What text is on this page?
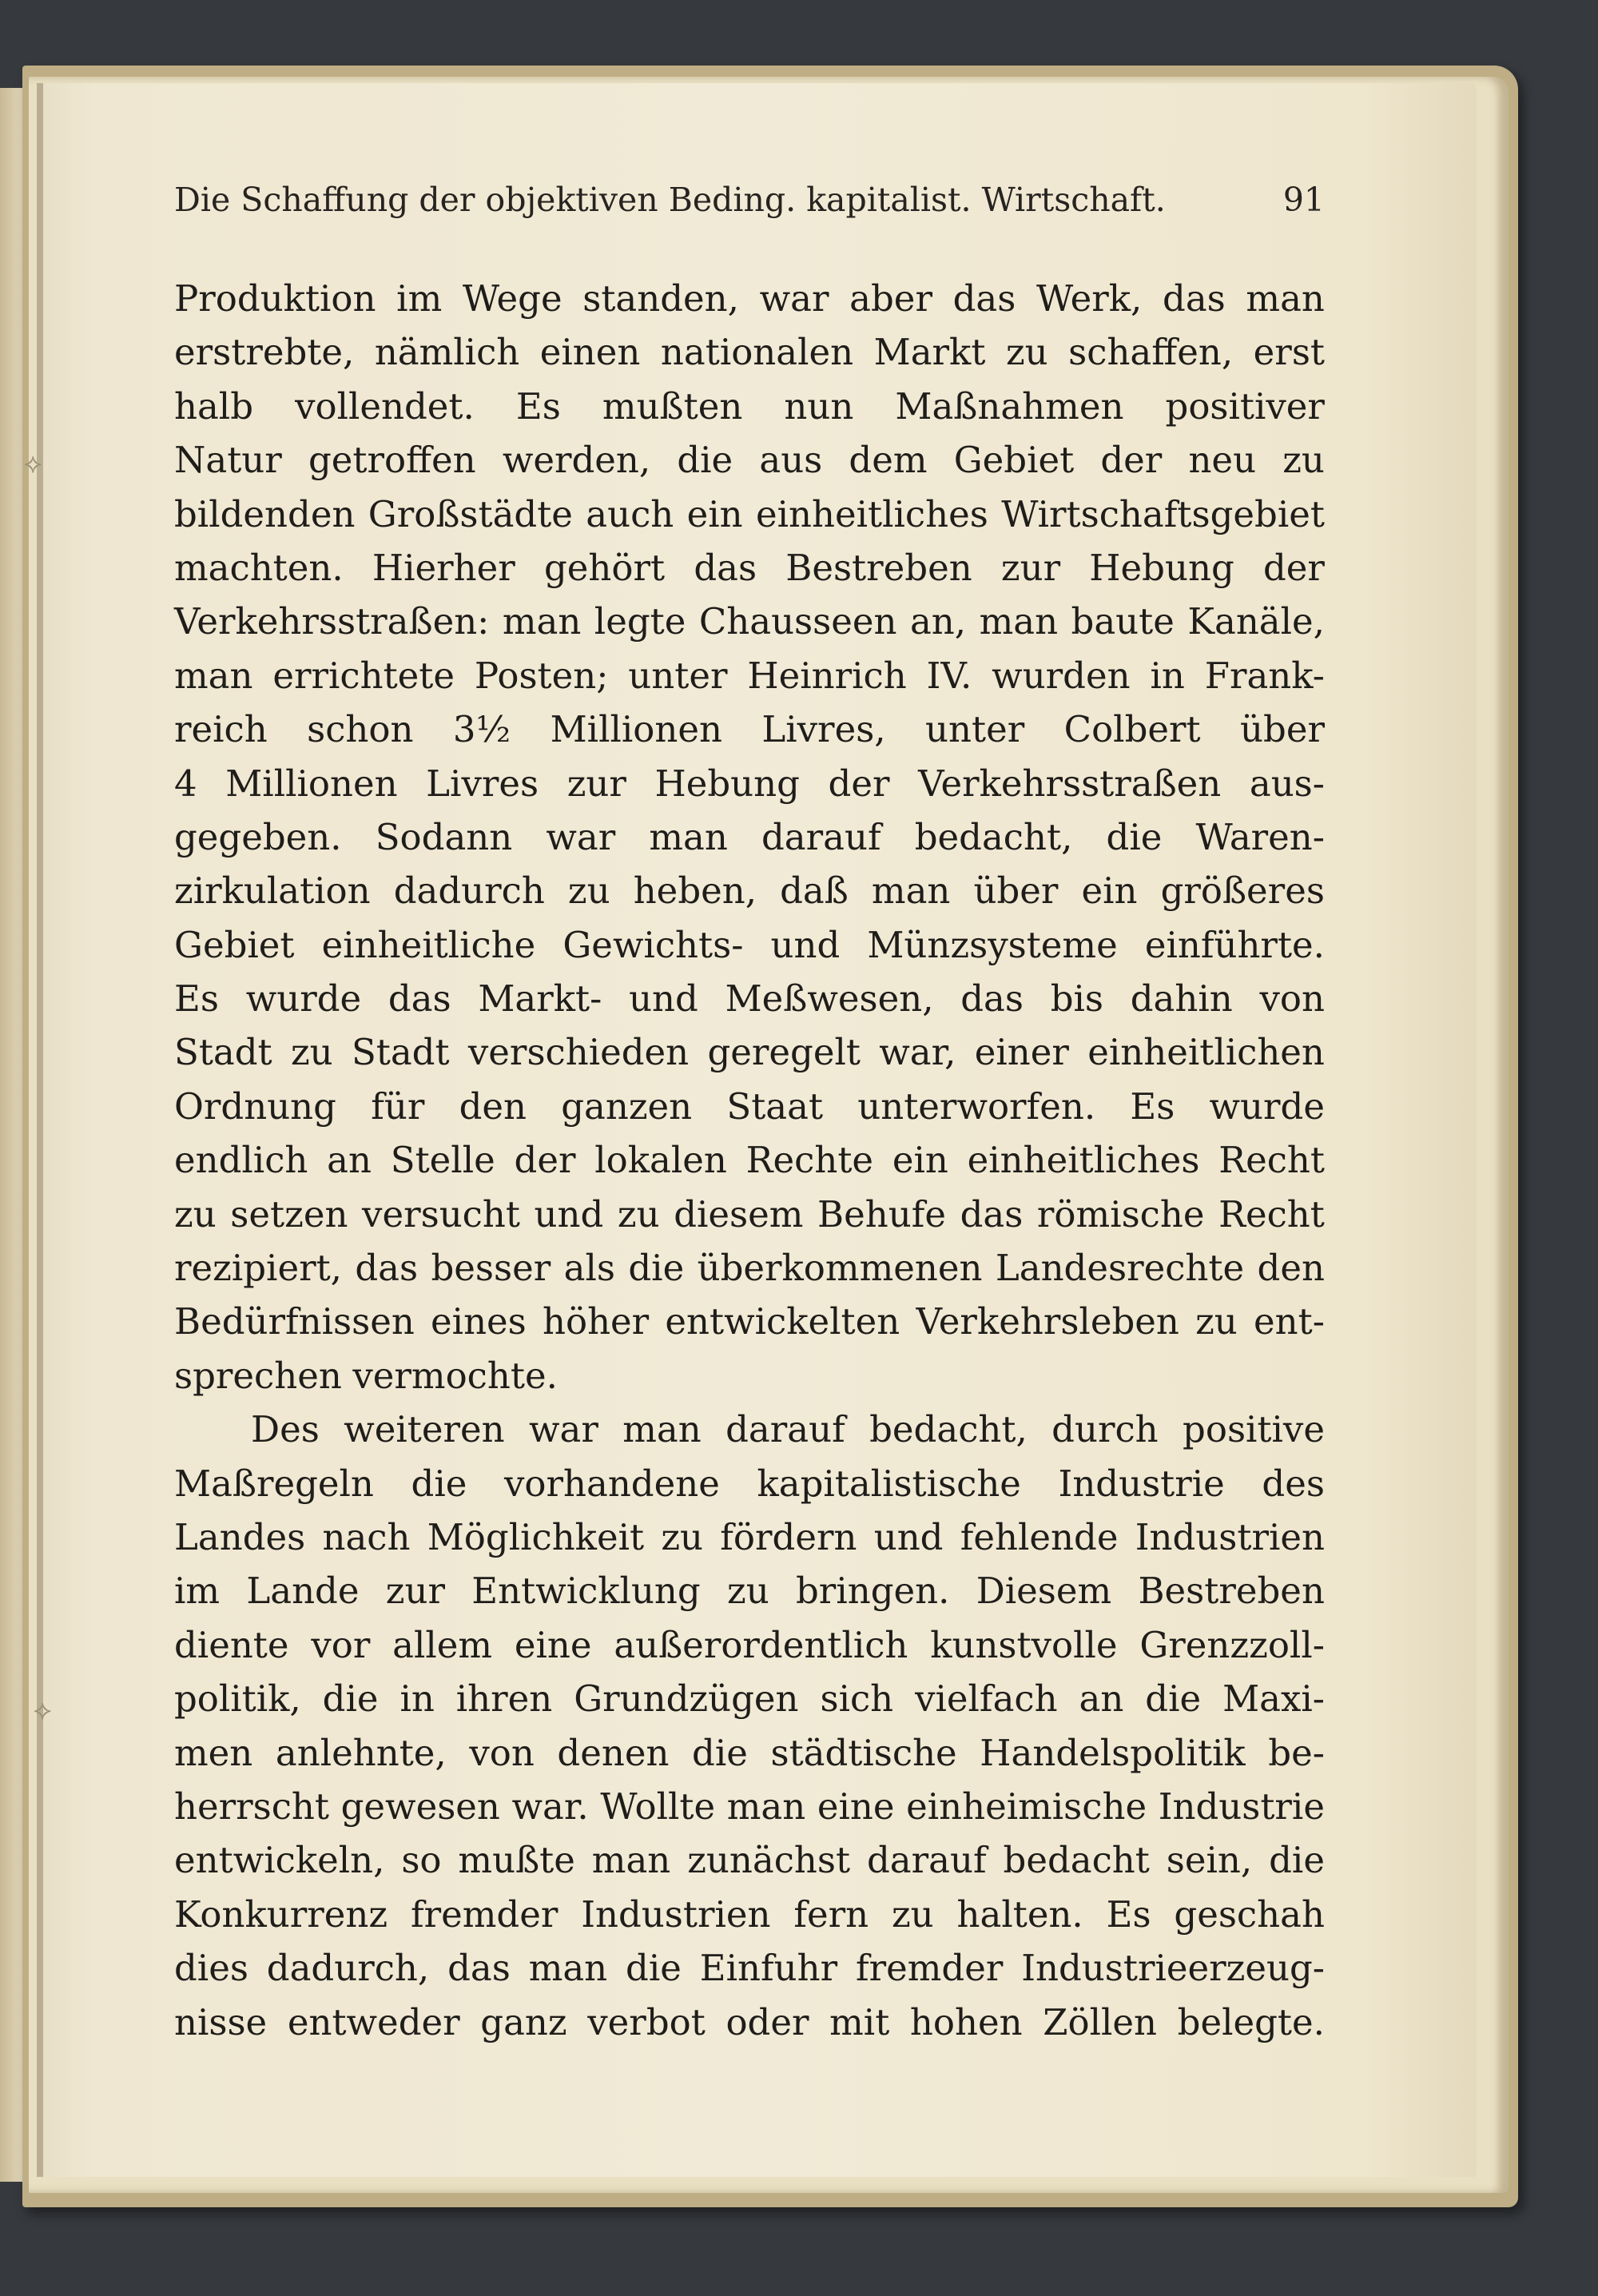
⟡
⟡
Die Schaffung der objektiven Beding. kapitalist. Wirtschaft.	91
Produktion im Wege standen, war aber das Werk, das man
erstrebte, nämlich einen nationalen Markt zu schaffen, erst
halb vollendet. Es mußten nun Maßnahmen positiver
Natur getroffen werden, die aus dem Gebiet der neu zu
bildenden Großstädte auch ein einheitliches Wirtschaftsgebiet
machten. Hierher gehört das Bestreben zur Hebung der
Verkehrsstraßen: man legte Chausseen an, man baute Kanäle,
man errichtete Posten; unter Heinrich IV. wurden in Frank-
reich schon 3½ Millionen Livres, unter Colbert über
4 Millionen Livres zur Hebung der Verkehrsstraßen aus-
gegeben. Sodann war man darauf bedacht, die Waren-
zirkulation dadurch zu heben, daß man über ein größeres
Gebiet einheitliche Gewichts- und Münzsysteme einführte.
Es wurde das Markt- und Meßwesen, das bis dahin von
Stadt zu Stadt verschieden geregelt war, einer einheitlichen
Ordnung für den ganzen Staat unterworfen. Es wurde
endlich an Stelle der lokalen Rechte ein einheitliches Recht
zu setzen versucht und zu diesem Behufe das römische Recht
rezipiert, das besser als die überkommenen Landesrechte den
Bedürfnissen eines höher entwickelten Verkehrsleben zu ent-
sprechen vermochte.
Des weiteren war man darauf bedacht, durch positive
Maßregeln die vorhandene kapitalistische Industrie des
Landes nach Möglichkeit zu fördern und fehlende Industrien
im Lande zur Entwicklung zu bringen. Diesem Bestreben
diente vor allem eine außerordentlich kunstvolle Grenzzoll-
politik, die in ihren Grundzügen sich vielfach an die Maxi-
men anlehnte, von denen die städtische Handelspolitik be-
herrscht gewesen war. Wollte man eine einheimische Industrie
entwickeln, so mußte man zunächst darauf bedacht sein, die
Konkurrenz fremder Industrien fern zu halten. Es geschah
dies dadurch, das man die Einfuhr fremder Industrieerzeug-
nisse entweder ganz verbot oder mit hohen Zöllen belegte.
